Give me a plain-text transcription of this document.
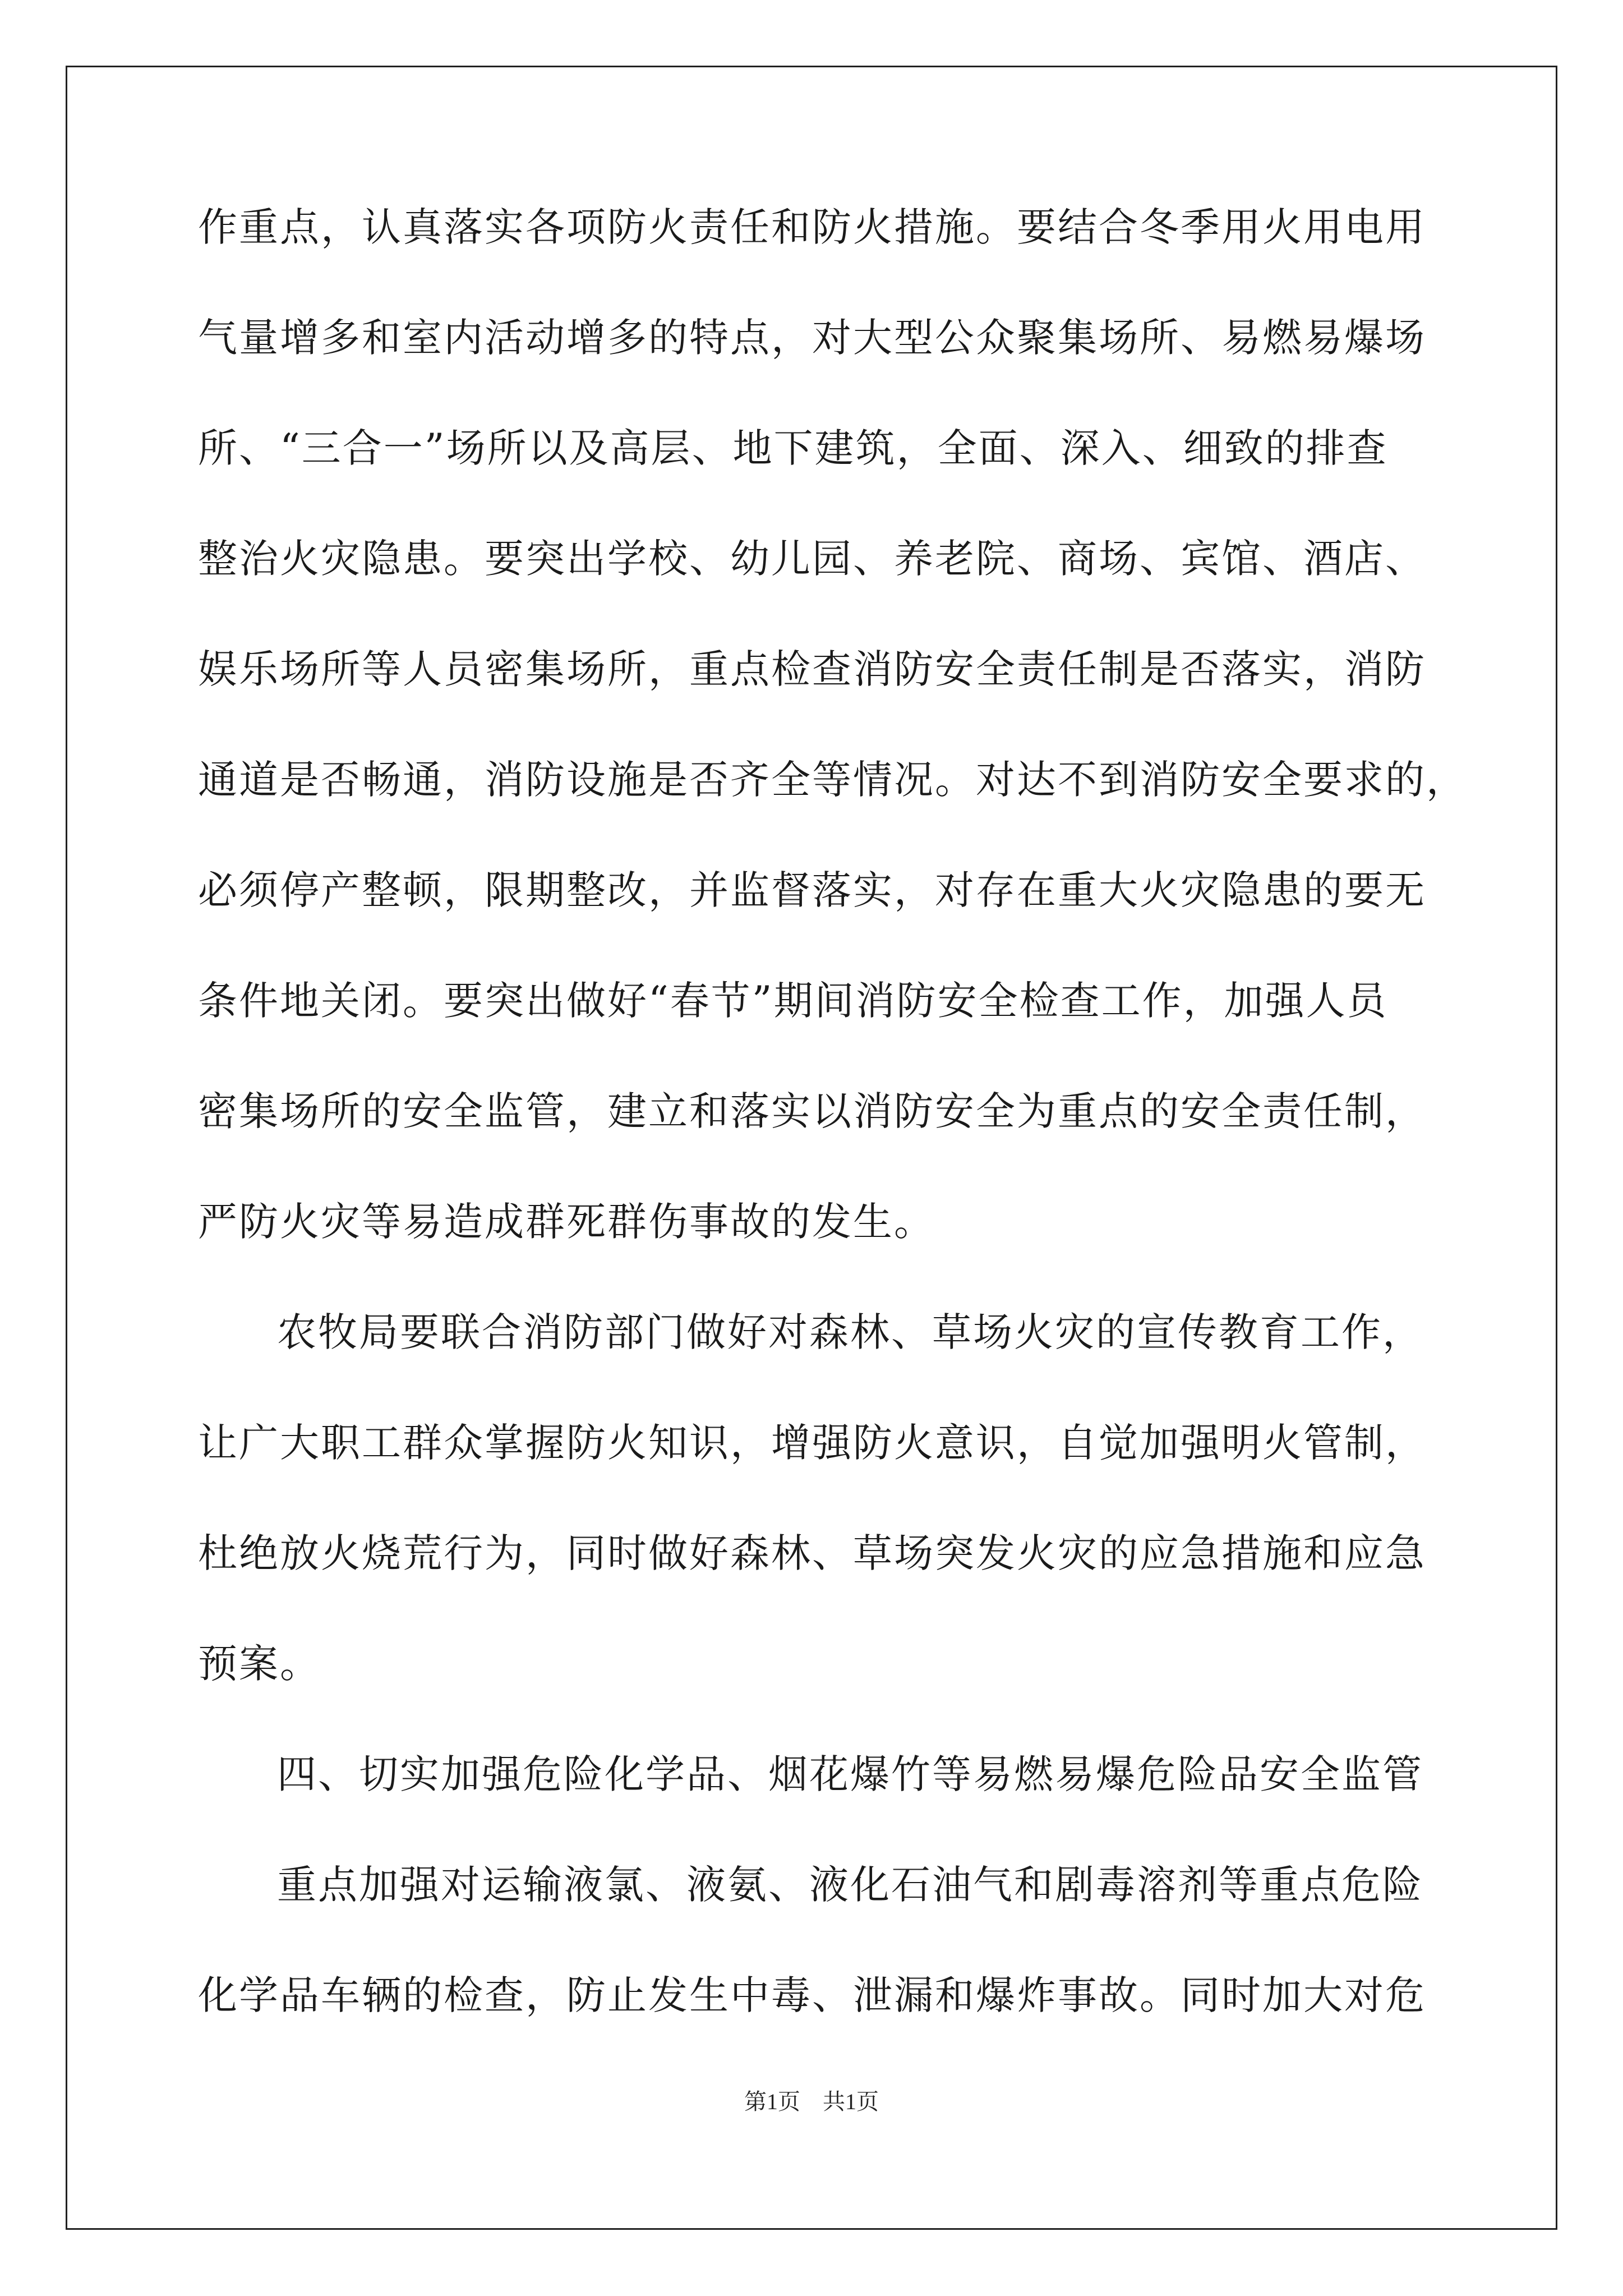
作重点，认真落实各项防火责任和防火措施。要结合冬季用火用电用
气量增多和室内活动增多的特点，对大型公众聚集场所、易燃易爆场
所、“三合一”场所以及高层、地下建筑，全面、深入、细致的排查
整治火灾隐患。要突出学校、幼儿园、养老院、商场、宾馆、酒店、
娱乐场所等人员密集场所，重点检查消防安全责任制是否落实，消防
通道是否畅通，消防设施是否齐全等情况。对达不到消防安全要求的，
必须停产整顿，限期整改，并监督落实，对存在重大火灾隐患的要无
条件地关闭。要突出做好“春节”期间消防安全检查工作，加强人员
密集场所的安全监管，建立和落实以消防安全为重点的安全责任制，
严防火灾等易造成群死群伤事故的发生。
农牧局要联合消防部门做好对森林、草场火灾的宣传教育工作，
让广大职工群众掌握防火知识，增强防火意识，自觉加强明火管制，
杜绝放火烧荒行为，同时做好森林、草场突发火灾的应急措施和应急
预案。
四、切实加强危险化学品、烟花爆竹等易燃易爆危险品安全监管
重点加强对运输液氯、液氨、液化石油气和剧毒溶剂等重点危险
化学品车辆的检查，防止发生中毒、泄漏和爆炸事故。同时加大对危
第1页　共1页
